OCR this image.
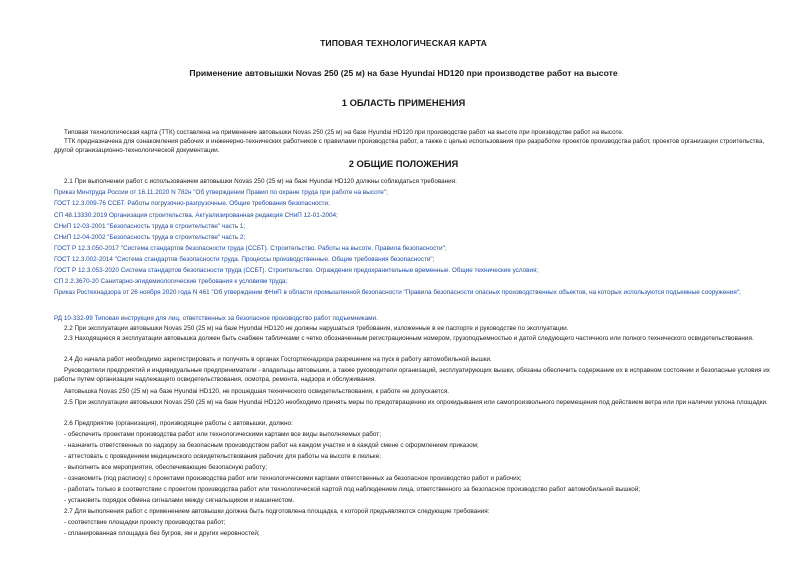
ТИПОВАЯ ТЕХНОЛОГИЧЕСКАЯ КАРТА
Применение автовышки Novas 250 (25 м) на базе Hyundai HD120 при производстве работ на высоте
1 ОБЛАСТЬ ПРИМЕНЕНИЯ
Типовая технологическая карта (ТТК) составлена на применение автовышки Novas 250 (25 м) на базе Hyundai HD120 при производстве работ на высоте при производстве работ на высоте.
ТТК предназначена для ознакомления рабочих и инженерно-технических работников с правилами производства работ, а также с целью использования при разработке проектов производства работ, проектов организации строительства, другой организационно-технологической документации.
2 ОБЩИЕ ПОЛОЖЕНИЯ
2.1 При выполнении работ с использованием автовышки Novas 250 (25 м) на базе Hyundai HD120 должны соблюдаться требования:
Приказ Минтруда России от 16.11.2020 N 782н "Об утверждении Правил по охране труда при работе на высоте";
ГОСТ 12.3.009-76 ССБТ. Работы погрузочно-разгрузочные. Общие требования безопасности;
СП 48.13330.2019 Организация строительства. Актуализированная редакция СНиП 12-01-2004;
СНиП 12-03-2001 "Безопасность труда в строительстве" часть 1;
СНиП 12-04-2002 "Безопасность труда в строительстве" часть 2;
ГОСТ Р 12.3.050-2017 "Система стандартов безопасности труда (ССБТ). Строительство. Работы на высоте. Правила безопасности";
ГОСТ 12.3.002-2014 "Система стандартов безопасности труда. Процессы производственные. Общие требования безопасности";
ГОСТ Р 12.3.053-2020 Система стандартов безопасности труда (ССБТ). Строительство. Ограждения предохранительные временные. Общие технические условия;
СП 2.2.3670-20 Санитарно-эпидемиологические требования к условиям труда;
Приказ Ростехнадзора от 26 ноября 2020 года N 461 "Об утверждении ФНиП в области промышленной безопасности "Правила безопасности опасных производственных объектов, на которых используются подъемные сооружения";
РД 10-332-99 Типовая инструкция для лиц, ответственных за безопасное производство работ подъемниками.
2.2 При эксплуатации автовышки Novas 250 (25 м) на базе Hyundai HD120 не должны нарушаться требования, изложенные в ее паспорте и руководстве по эксплуатации.
2.3 Находящиеся в эксплуатации автовышка должен быть снабжен табличками с четко обозначенным регистрационным номером, грузоподъемностью и датой следующего частичного или полного технического освидетельствования.
2.4 До начала работ необходимо зарегистрировать и получить в органах Госгортехнадзора разрешение на пуск в работу автомобильной вышки.
Руководители предприятий и индивидуальные предприниматели - владельцы автовышки, а также руководители организаций, эксплуатирующих вышки, обязаны обеспечить содержание их в исправном состоянии и безопасные условия их работы путем организации надлежащего освидетельствования, осмотра, ремонта, надзора и обслуживания.
Автовышка Novas 250 (25 м) на базе Hyundai HD120, не прошедшая технического освидетельствования, к работе не допускается.
2.5 При эксплуатации автовышки Novas 250 (25 м) на базе Hyundai HD120 необходимо принять меры по предотвращению их опрокидывания или самопроизвольного перемещения под действием ветра или при наличии уклона площадки.
2.6 Предприятие (организация), производящее работы с автовышки, должно:
- обеспечить проектами производства работ или технологическими картами все виды выполняемых работ;
- назначить ответственных по надзору за безопасным производством работ на каждом участке и в каждой смене с оформлением приказом;
- аттестовать с проведением медицинского освидетельствования рабочих для работы на высоте в люльке;
- выполнить все мероприятия, обеспечивающие безопасную работу;
- ознакомить (под расписку) с проектами производства работ или технологическими картами ответственных за безопасное производство работ и рабочих;
- работать только в соответствии с проектом производства работ или технологической картой под наблюдением лица, ответственного за безопасное производство работ автомобильной вышкой;
- установить порядок обмена сигналами между сигнальщиком и машинистом.
2.7 Для выполнения работ с применением автовышки должна быть подготовлена площадка, к которой предъявляются следующие требования:
- соответствие площадки проекту производства работ;
- спланированная площадка без бугров, ям и других неровностей;
